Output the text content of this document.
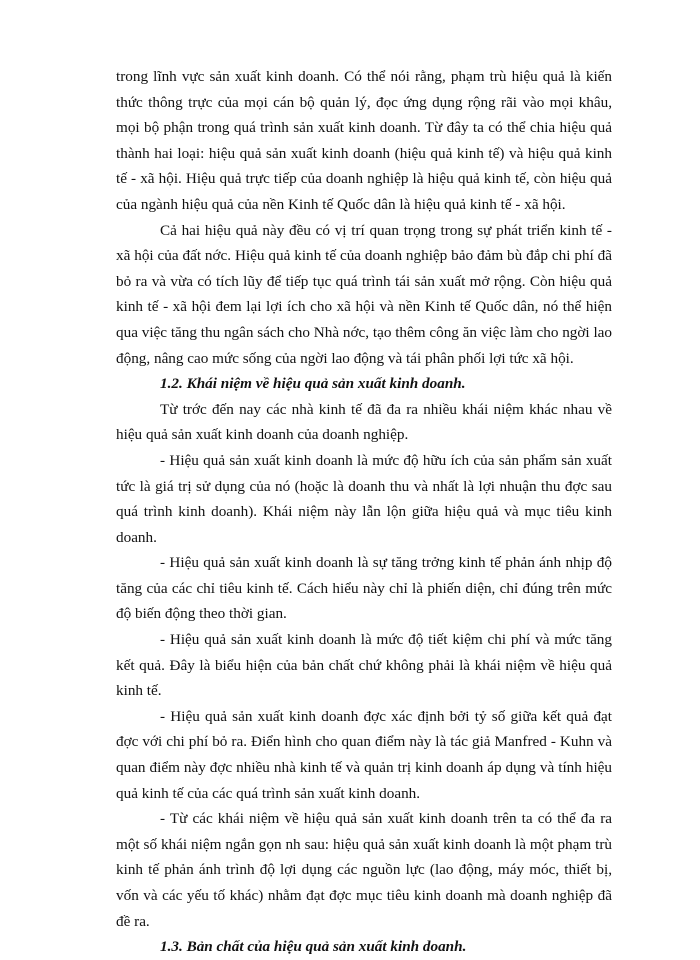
trong lĩnh vực sản xuất kinh doanh. Có thể nói rằng, phạm trù hiệu quả là kiến thức thông trực của mọi cán bộ quản lý, đọc ứng dụng rộng rãi vào mọi khâu, mọi bộ phận trong quá trình sản xuất kinh doanh. Từ đây ta có thể chia hiệu quả thành hai loại: hiệu quả sản xuất kinh doanh (hiệu quả kinh tế) và hiệu quả kinh tế - xã hội. Hiệu quả trực tiếp của doanh nghiệp là hiệu quả kinh tế, còn hiệu quả của ngành hiệu quả của nền Kinh tế Quốc dân là hiệu quả kinh tế - xã hội.

Cả hai hiệu quả này đều có vị trí quan trọng trong sự phát triển kinh tế - xã hội của đất nớc. Hiệu quả kinh tế của doanh nghiệp bảo đảm bù đắp chi phí đã bỏ ra và vừa có tích lũy để tiếp tục quá trình tái sản xuất mở rộng. Còn hiệu quả kinh tế - xã hội đem lại lợi ích cho xã hội và nền Kinh tế Quốc dân, nó thể hiện qua việc tăng thu ngân sách cho Nhà nớc, tạo thêm công ăn việc làm cho ngời lao động, nâng cao mức sống của ngời lao động và tái phân phối lợi tức xã hội.

1.2. Khái niệm về hiệu quả sản xuất kinh doanh.

Từ trớc đến nay các nhà kinh tế đã đa ra nhiều khái niệm khác nhau về hiệu quả sản xuất kinh doanh của doanh nghiệp.

- Hiệu quả sản xuất kinh doanh là mức độ hữu ích của sản phẩm sản xuất tức là giá trị sử dụng của nó (hoặc là doanh thu và nhất là lợi nhuận thu đợc sau quá trình kinh doanh). Khái niệm này lẫn lộn giữa hiệu quả và mục tiêu kinh doanh.

- Hiệu quả sản xuất kinh doanh là sự tăng trởng kinh tế phản ánh nhịp độ tăng của các chỉ tiêu kinh tế. Cách hiểu này chỉ là phiến diện, chỉ đúng trên mức độ biến động theo thời gian.

- Hiệu quả sản xuất kinh doanh là mức độ tiết kiệm chi phí và mức tăng kết quả. Đây là biểu hiện của bản chất chứ không phải là khái niệm về hiệu quả kinh tế.

- Hiệu quả sản xuất kinh doanh đợc xác định bởi tỷ số giữa kết quả đạt đợc với chi phí bỏ ra. Điển hình cho quan điểm này là tác giả Manfred - Kuhn và quan điểm này đợc nhiều nhà kinh tế và quản trị kinh doanh áp dụng và tính hiệu quả kinh tế của các quá trình sản xuất kinh doanh.

- Từ các khái niệm về hiệu quả sản xuất kinh doanh trên ta có thể đa ra một số khái niệm ngắn gọn nh sau: hiệu quả sản xuất kinh doanh là một phạm trù kinh tế phản ánh trình độ lợi dụng các nguồn lực (lao động, máy móc, thiết bị, vốn và các yếu tố khác) nhằm đạt đợc mục tiêu kinh doanh mà doanh nghiệp đã đề ra.

1.3. Bản chất của hiệu quả sản xuất kinh doanh.
